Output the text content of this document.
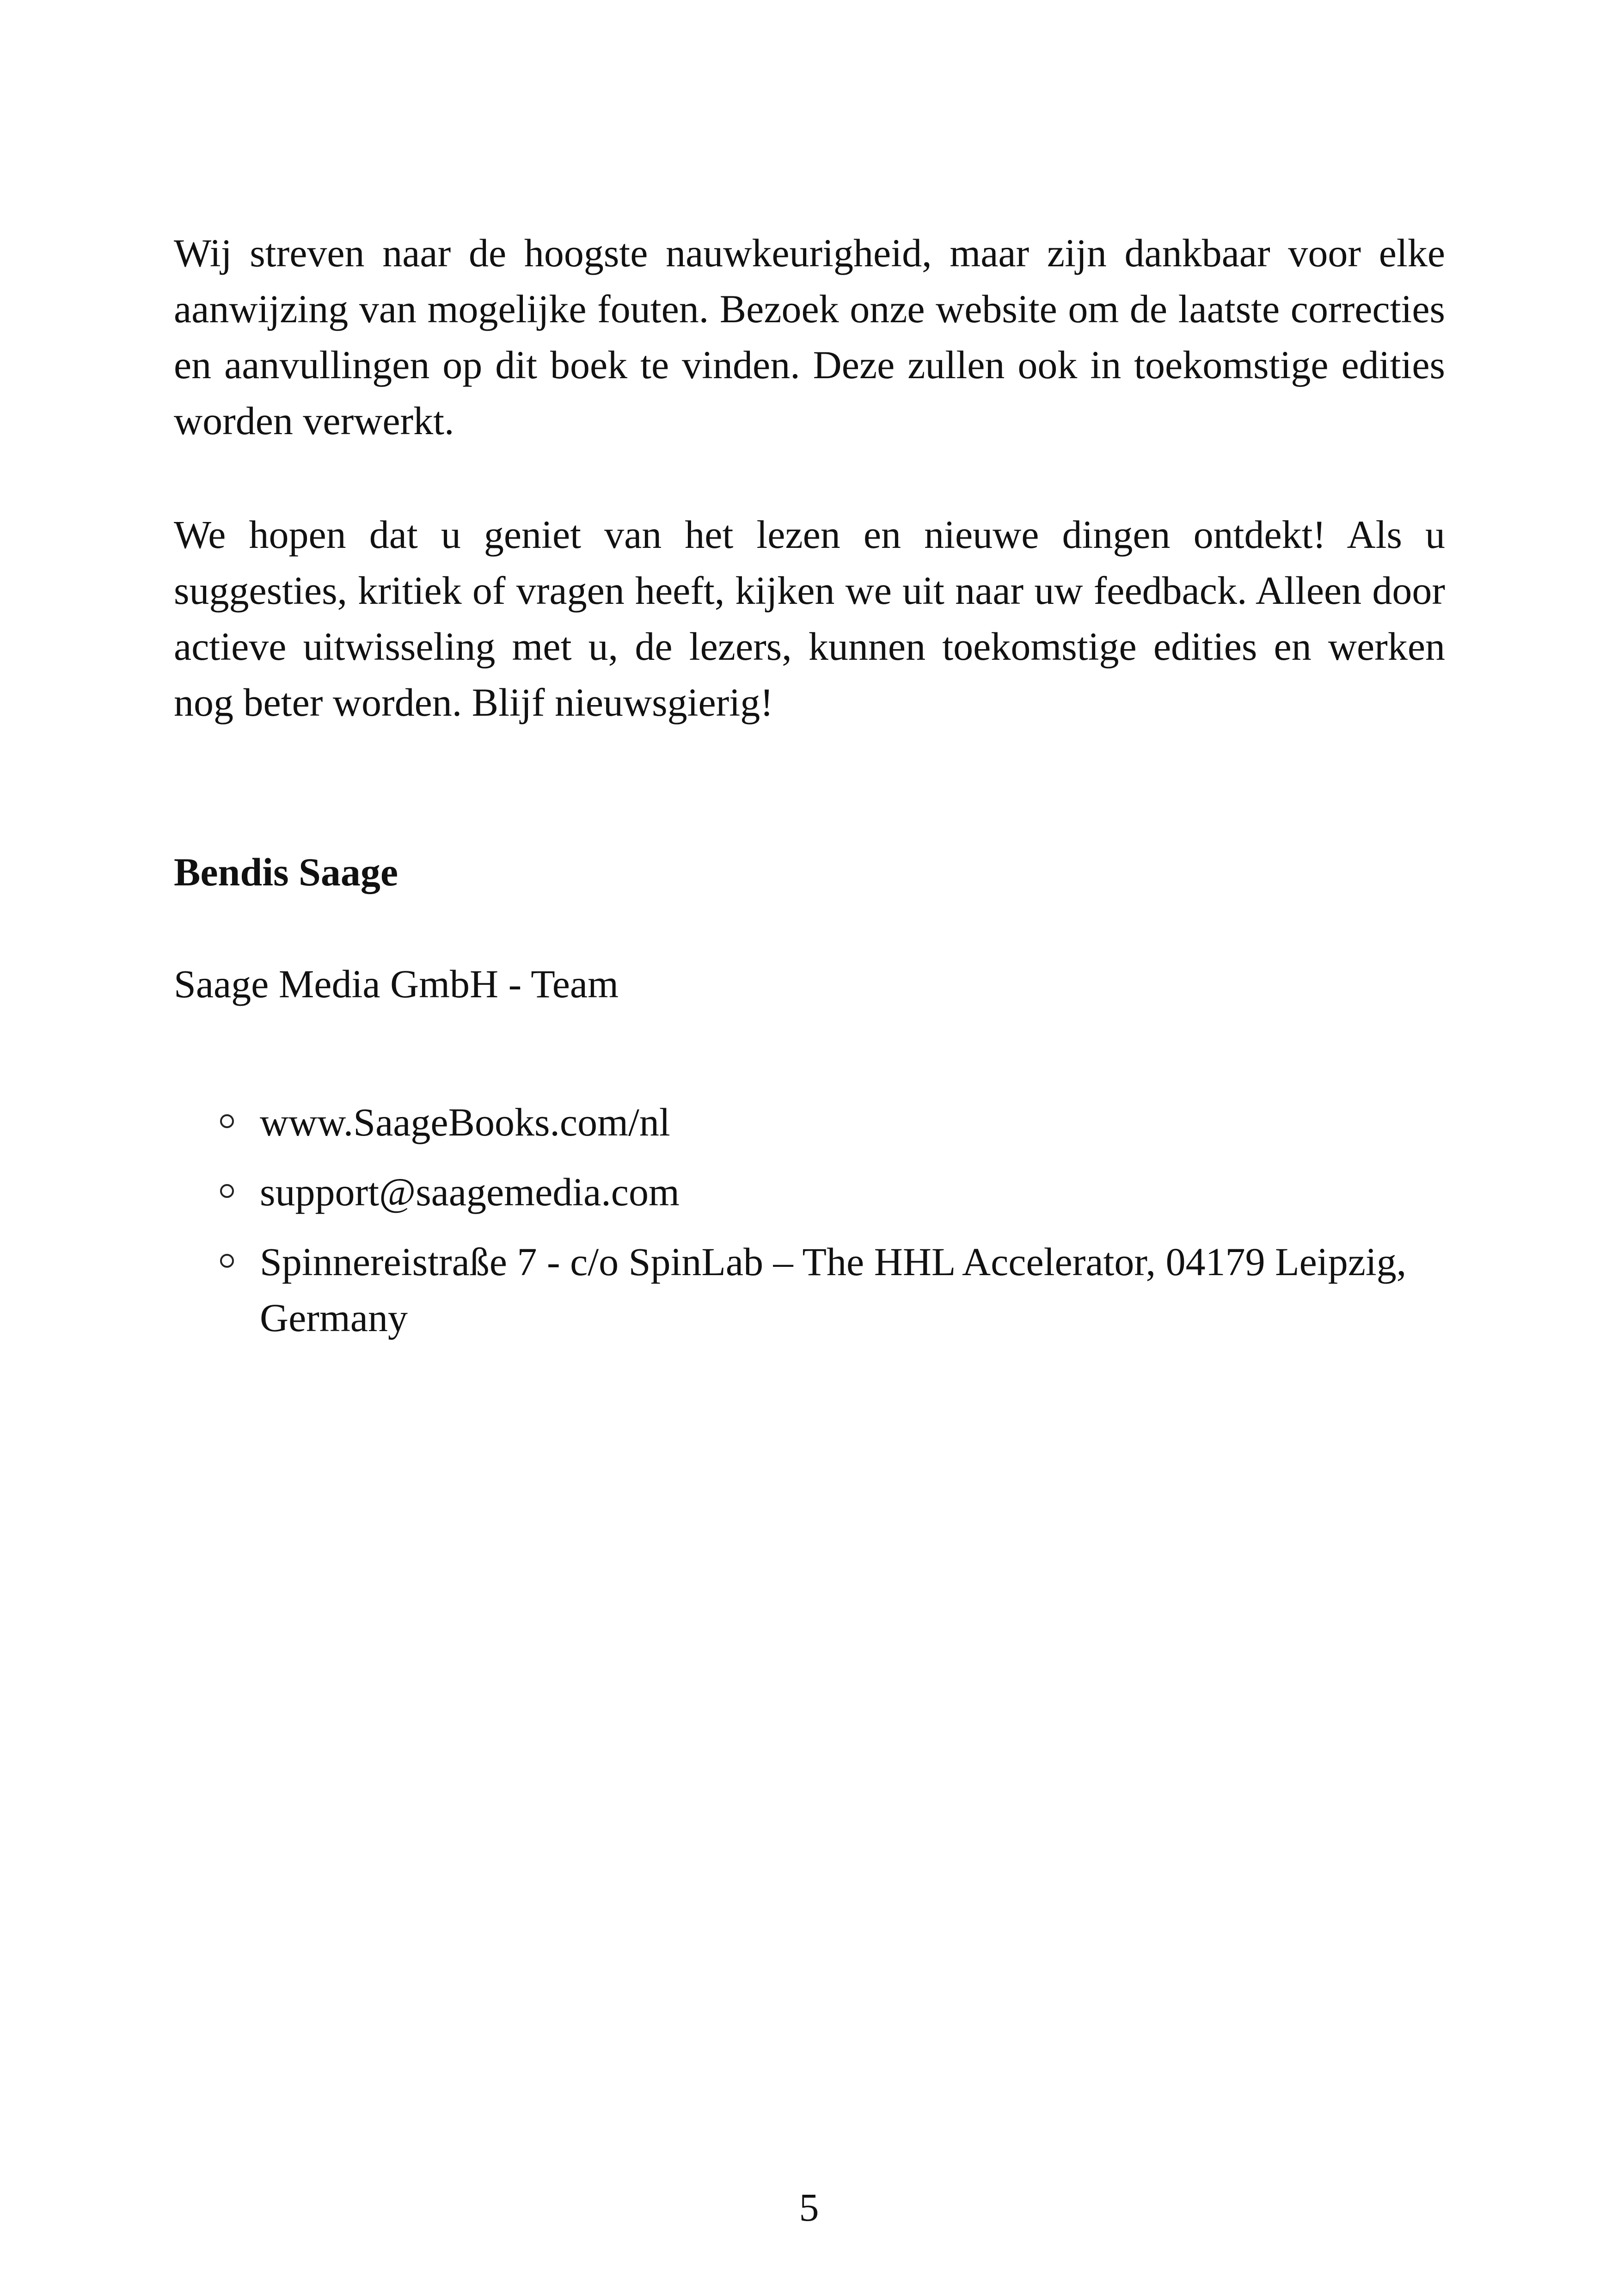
Wij streven naar de hoogste nauwkeurigheid, maar zijn dankbaar voor elke aanwijzing van mogelijke fouten. Bezoek onze website om de laatste correcties en aanvullingen op dit boek te vinden. Deze zullen ook in toekomstige edities worden verwerkt.

We hopen dat u geniet van het lezen en nieuwe dingen ontdekt! Als u suggesties, kritiek of vragen heeft, kijken we uit naar uw feedback. Alleen door actieve uitwisseling met u, de lezers, kunnen toekomstige edities en werken nog beter worden. Blijf nieuwsgierig!

Bendis Saage

Saage Media GmbH - Team

www.SaageBooks.com/nl
support@saagemedia.com
Spinnereistraße 7 - c/o SpinLab – The HHL Accelerator, 04179 Leipzig, Germany

5
